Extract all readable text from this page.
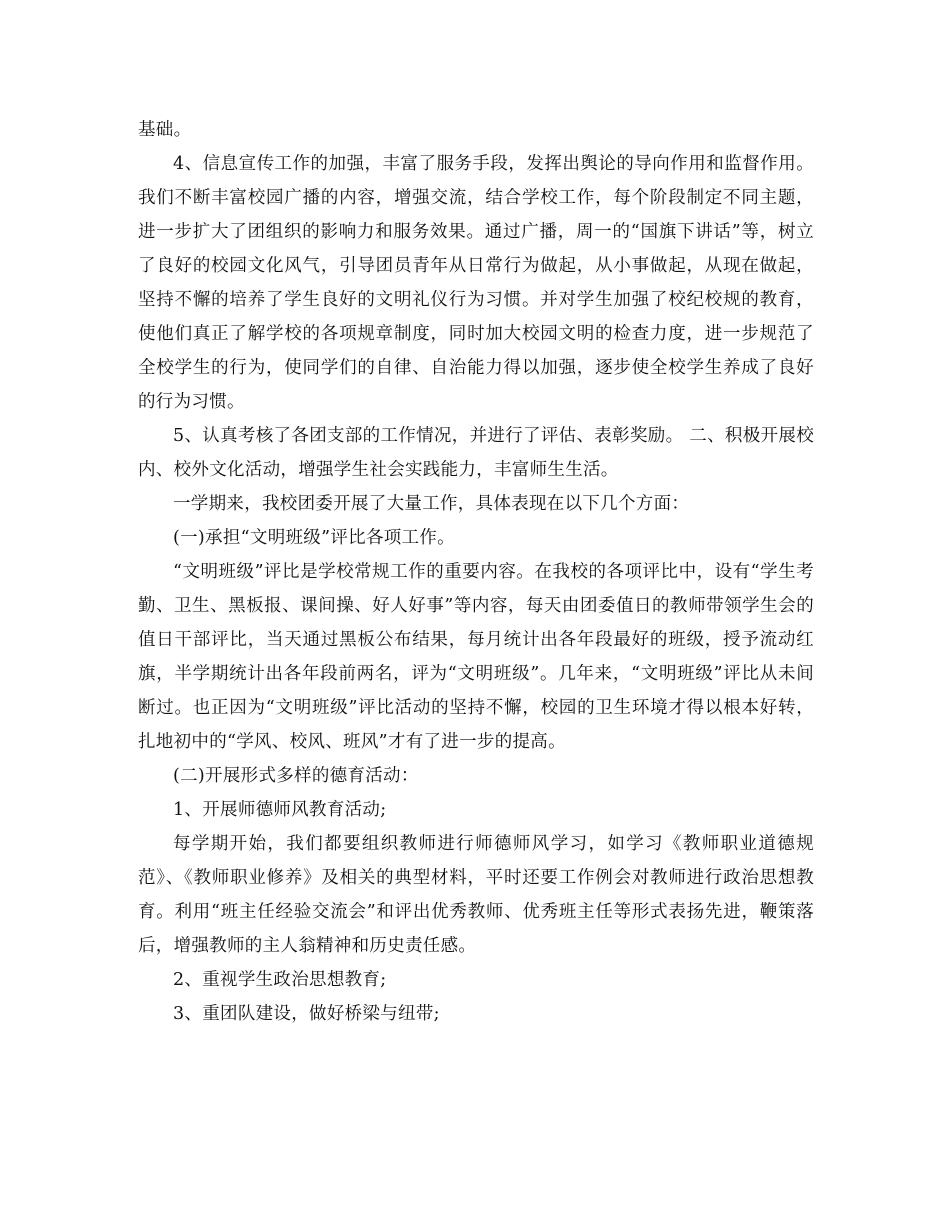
基础。

4、信息宣传工作的加强，丰富了服务手段，发挥出舆论的导向作用和监督作用。 我们不断丰富校园广播的内容，增强交流，结合学校工作，每个阶段制定不同主题，进一步扩大了团组织的影响力和服务效果。通过广播，周一的“国旗下讲话”等，树立了良好的校园文化风气，引导团员青年从日常行为做起，从小事做起，从现在做起，坚持不懈的培养了学生良好的文明礼仪行为习惯。并对学生加强了校纪校规的教育，使他们真正了解学校的各项规章制度，同时加大校园文明的检查力度，进一步规范了全校学生的行为，使同学们的自律、自治能力得以加强，逐步使全校学生养成了良好的行为习惯。

5、认真考核了各团支部的工作情况，并进行了评估、表彰奖励。 二、积极开展校内、校外文化活动，增强学生社会实践能力，丰富师生生活。

一学期来，我校团委开展了大量工作，具体表现在以下几个方面：

(一)承担“文明班级”评比各项工作。

“文明班级”评比是学校常规工作的重要内容。在我校的各项评比中，设有“学生考勤、卫生、黑板报、课间操、好人好事”等内容，每天由团委值日的教师带领学生会的值日干部评比，当天通过黑板公布结果，每月统计出各年段最好的班级，授予流动红旗，半学期统计出各年段前两名，评为“文明班级”。几年来，“文明班级”评比从未间断过。也正因为“文明班级”评比活动的坚持不懈，校园的卫生环境才得以根本好转，扎地初中的“学风、校风、班风”才有了进一步的提高。

(二)开展形式多样的德育活动：

1、开展师德师风教育活动;

每学期开始，我们都要组织教师进行师德师风学习，如学习《教师职业道德规范》、《教师职业修养》及相关的典型材料，平时还要工作例会对教师进行政治思想教育。利用“班主任经验交流会”和评出优秀教师、优秀班主任等形式表扬先进，鞭策落后，增强教师的主人翁精神和历史责任感。

2、重视学生政治思想教育;

3、重团队建设，做好桥梁与纽带;
